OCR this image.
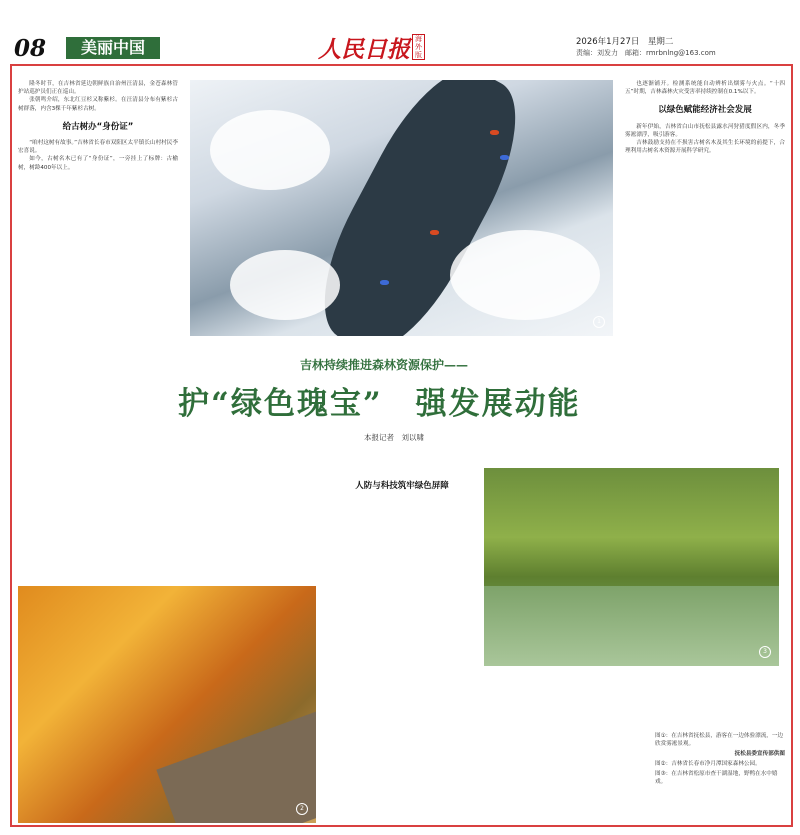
08	美丽中国	人民日报 海外版
2026年1月27日　星期二
责编：刘发力　邮箱：rmrbnlng@163.com
1

隆冬时节，在吉林省延边朝鲜族自治州汪清县，金苍森林管护站巡护员们正在巡山。

张朝鸣介绍，东北红豆杉又称紫杉。在汪清县分布有紫杉古树群落，内含3棵千年紫杉古树。

给古树办“身份证”

“咱村这树有故事。”吉林省长春市双阳区太平镇长山村村民李宏喜说。

如今，古树名木已有了“身份证”，一旁挂上了标牌：古榆树，树龄400年以上。

也逐渐铺开。检测系统能自动辨析出烟雾与火点。“十四五”时期，吉林森林火灾受害率持续控制在0.1%以下。

以绿色赋能经济社会发展

新年伊始，吉林省白山市抚松县露水河狩猎度假区内，冬季雾凇漂浮，吸引游客。

吉林鼓励支持在不损害古树名木及其生长环境的前提下，合理利用古树名木资源开展科学研究。

吉林持续推进森林资源保护——
护“绿色瑰宝”　强发展动能
本报记者　刘以啸
人防与科技筑牢绿色屏障
3
2

图①：在吉林省抚松县，游客在一边体验漂流，一边欣赏雾凇景观。

抚松县委宣传部供图

图②：吉林省长春市净月潭国家森林公园。

图③：在吉林省松原市查干湖湿地，野鸭在水中嬉戏。
